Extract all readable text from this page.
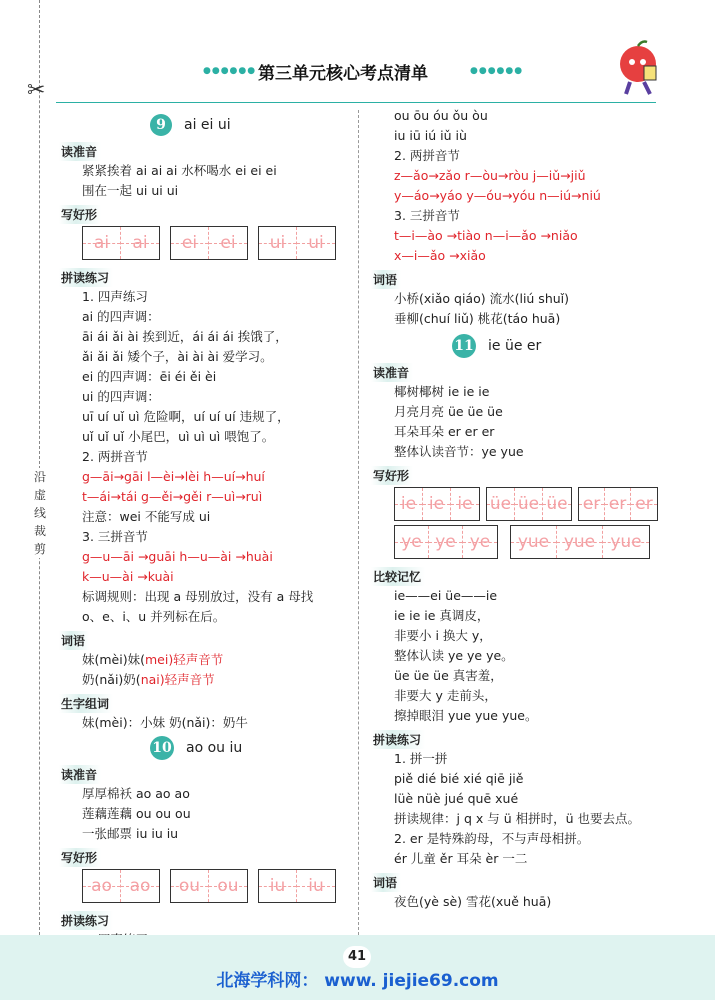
✂
沿虚线裁剪
●●●●●● 第三单元核心考点清单	●●●●●●
9	ai ei ui
读准音
紧紧挨着 ai ai ai 水杯喝水 ei ei ei
围在一起 ui ui ui
写好形
ai ai ei ei ui ui
拼读练习
1. 四声练习
ai 的四声调：
āi ái ǎi ài 挨到近，ái ái ái 挨饿了，
ǎi ǎi ǎi 矮个子，ài ài ài 爱学习。
ei 的四声调：ēi éi ěi èi
ui 的四声调：
uī uí uǐ uì 危险啊，uí uí uí 违规了，
uǐ uǐ uǐ 小尾巴，uì uì uì 喂饱了。
2. 两拼音节
g—āi→gāi l—èi→lèi h—uí→huí
t—ái→tái g—ěi→gěi r—uì→ruì
注意：wei 不能写成 ui
3. 三拼音节
g—u—āi →guāi h—u—ài →huài
k—u—ài →kuài
标调规则：出现 a 母别放过，没有 a 母找
o、e、i、u 并列标在后。
词语
妹(mèi)妹(mei)轻声音节
奶(nǎi)奶(nai)轻声音节
生字组词
妹(mèi)：小妹 奶(nǎi)：奶牛
10 ao ou iu
读准音
厚厚棉袄 ao ao ao
莲藕莲藕 ou ou ou
一张邮票 iu iu iu
写好形
ao ao ou ou iu iu
拼读练习
ou ōu óu ǒu òu
iu iū iú iǔ iù
2. 两拼音节
z—ǎo→zǎo r—òu→ròu j—iǔ→jiǔ
y—áo→yáo y—óu→yóu n—iú→niú
3. 三拼音节
t—i—ào →tiào n—i—ǎo →niǎo
x—i—ǎo →xiǎo
词语
小桥(xiǎo qiáo) 流水(liú shuǐ)
垂柳(chuí liǔ) 桃花(táo huā)
11 ie üe er
读准音
椰树椰树 ie ie ie
月亮月亮 üe üe üe
耳朵耳朵 er er er
整体认读音节：ye yue
写好形
ie ie ie üe üe üe er er er
ye ye ye yue yue yue
比较记忆
ie——ei üe——ie
ie ie ie 真调皮，
非要小 i 换大 y，
整体认读 ye ye ye。
üe üe üe 真害羞，
非要大 y 走前头，
擦掉眼泪 yue yue yue。
拼读练习
1. 拼一拼
piě dié bié xié qiē jiě
lüè nüè jué quē xué
拼读规律：j q x 与 ü 相拼时，ü 也要去点。
2. er 是特殊韵母，不与声母相拼。
ér 儿童 ěr 耳朵 èr 一二
词语
夜色(yè sè) 雪花(xuě huā)
41
北海学科网： www. jiejie69.com
